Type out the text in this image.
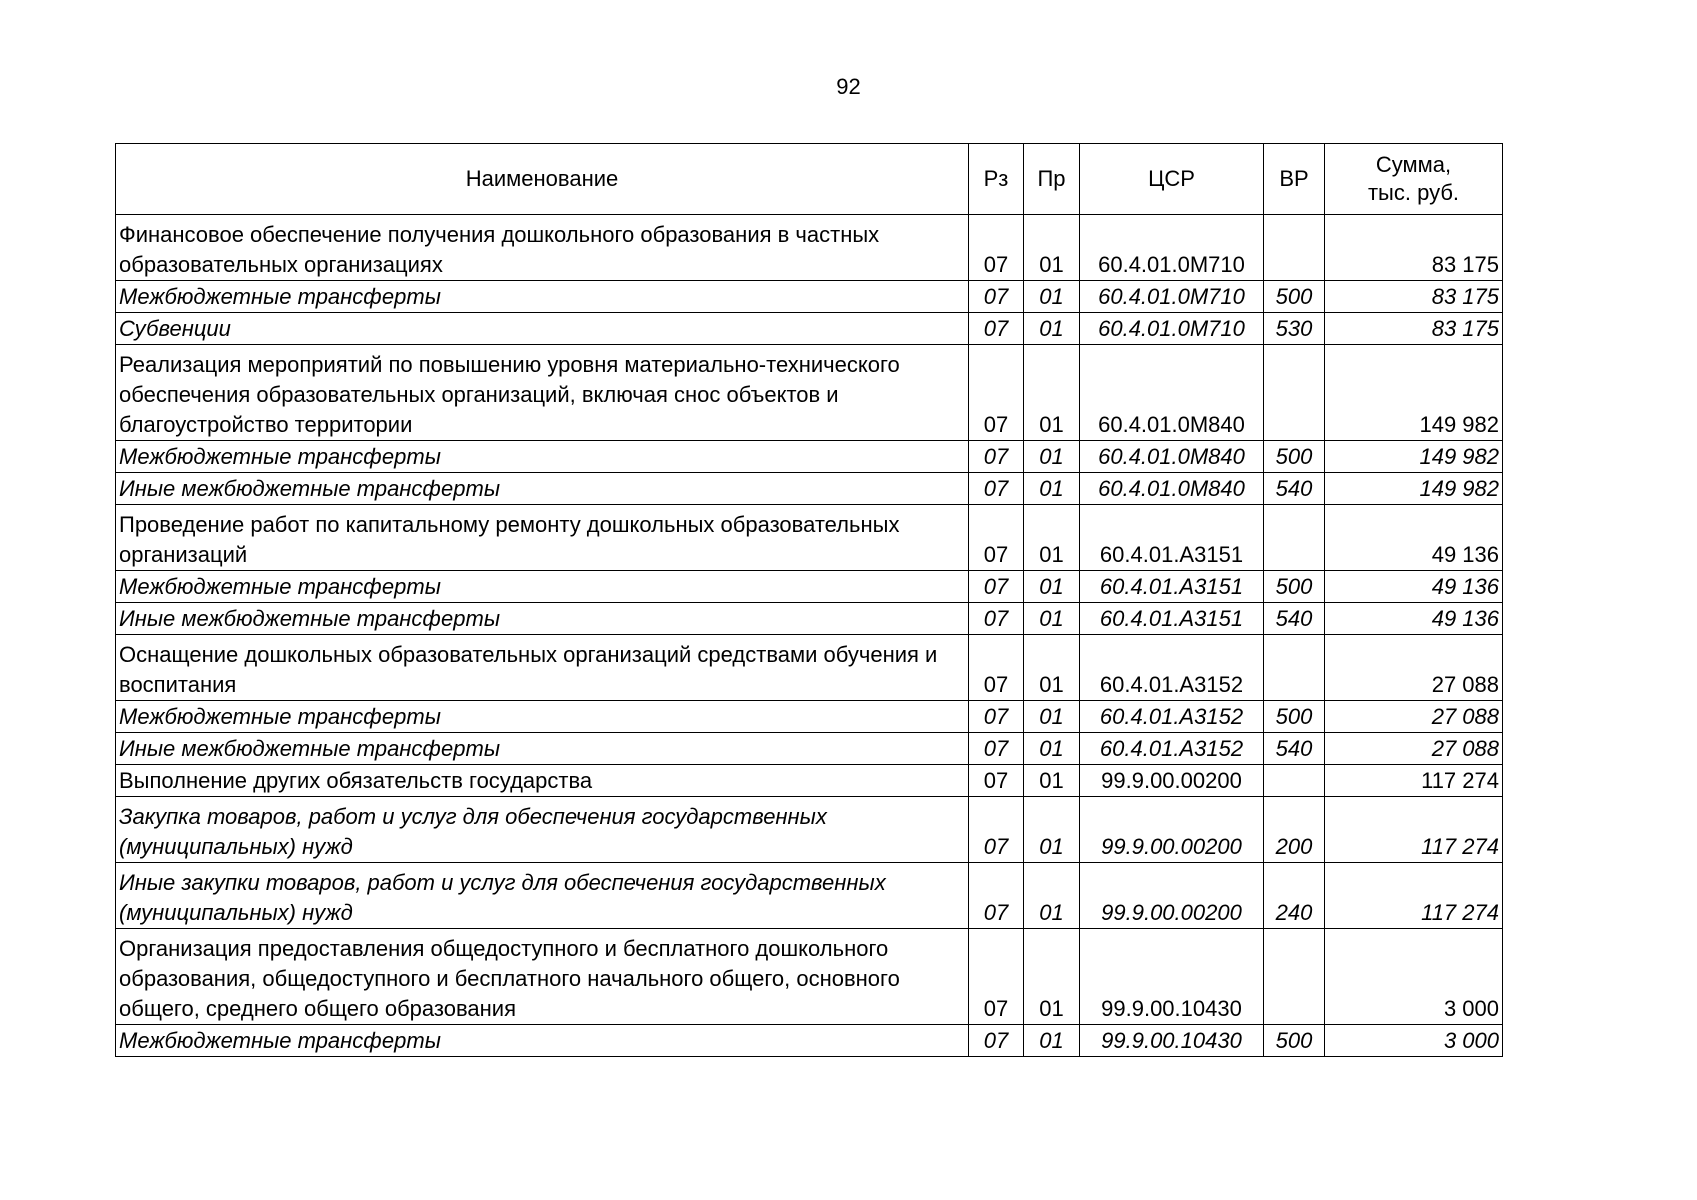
92
Наименование	Рз	Пр	ЦСР	ВР	Сумма,
тыс. руб.
Финансовое обеспечение получения дошкольного образования в частных образовательных организациях	07	01	60.4.01.0М710		83 175
Межбюджетные трансферты	07	01	60.4.01.0М710	500	83 175
Субвенции	07	01	60.4.01.0М710	530	83 175
Реализация мероприятий по повышению уровня материально-технического обеспечения образовательных организаций, включая снос объектов и благоустройство территории	07	01	60.4.01.0М840		149 982
Межбюджетные трансферты	07	01	60.4.01.0М840	500	149 982
Иные межбюджетные трансферты	07	01	60.4.01.0М840	540	149 982
Проведение работ по капитальному ремонту дошкольных образовательных организаций	07	01	60.4.01.А3151		49 136
Межбюджетные трансферты	07	01	60.4.01.А3151	500	49 136
Иные межбюджетные трансферты	07	01	60.4.01.А3151	540	49 136
Оснащение дошкольных образовательных организаций средствами обучения и воспитания	07	01	60.4.01.А3152		27 088
Межбюджетные трансферты	07	01	60.4.01.А3152	500	27 088
Иные межбюджетные трансферты	07	01	60.4.01.А3152	540	27 088
Выполнение других обязательств государства	07	01	99.9.00.00200		117 274
Закупка товаров, работ и услуг для обеспечения государственных (муниципальных) нужд	07	01	99.9.00.00200	200	117 274
Иные закупки товаров, работ и услуг для обеспечения государственных (муниципальных) нужд	07	01	99.9.00.00200	240	117 274
Организация предоставления общедоступного и бесплатного дошкольного образования, общедоступного и бесплатного начального общего, основного общего, среднего общего образования	07	01	99.9.00.10430		3 000
Межбюджетные трансферты	07	01	99.9.00.10430	500	3 000
